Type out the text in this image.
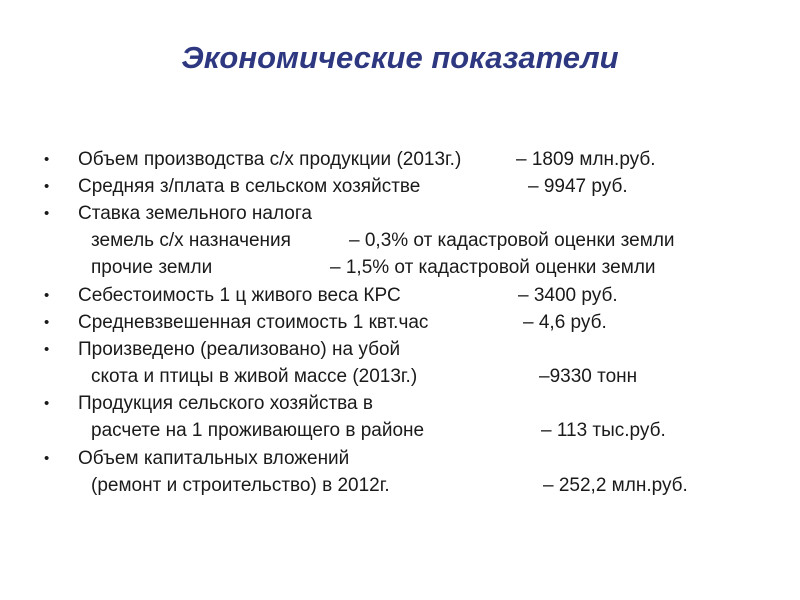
Экономические показатели
• Объем производства с/х продукции (2013г.)	– 1809 млн.руб.
• Средняя з/плата в сельском хозяйстве	– 9947 руб.
• Ставка земельного налога
земель с/х назначения	– 0,3% от кадастровой оценки земли
прочие земли	– 1,5% от кадастровой оценки земли
• Себестоимость 1 ц живого веса КРС	– 3400 руб.
• Средневзвешенная стоимость 1 квт.час	– 4,6 руб.
• Произведено (реализовано) на убой
скота и птицы в живой массе (2013г.)	–9330 тонн
• Продукция сельского хозяйства в
расчете на 1 проживающего в районе	– 113 тыс.руб.
• Объем капитальных вложений
(ремонт и строительство) в 2012г.	– 252,2 млн.руб.
